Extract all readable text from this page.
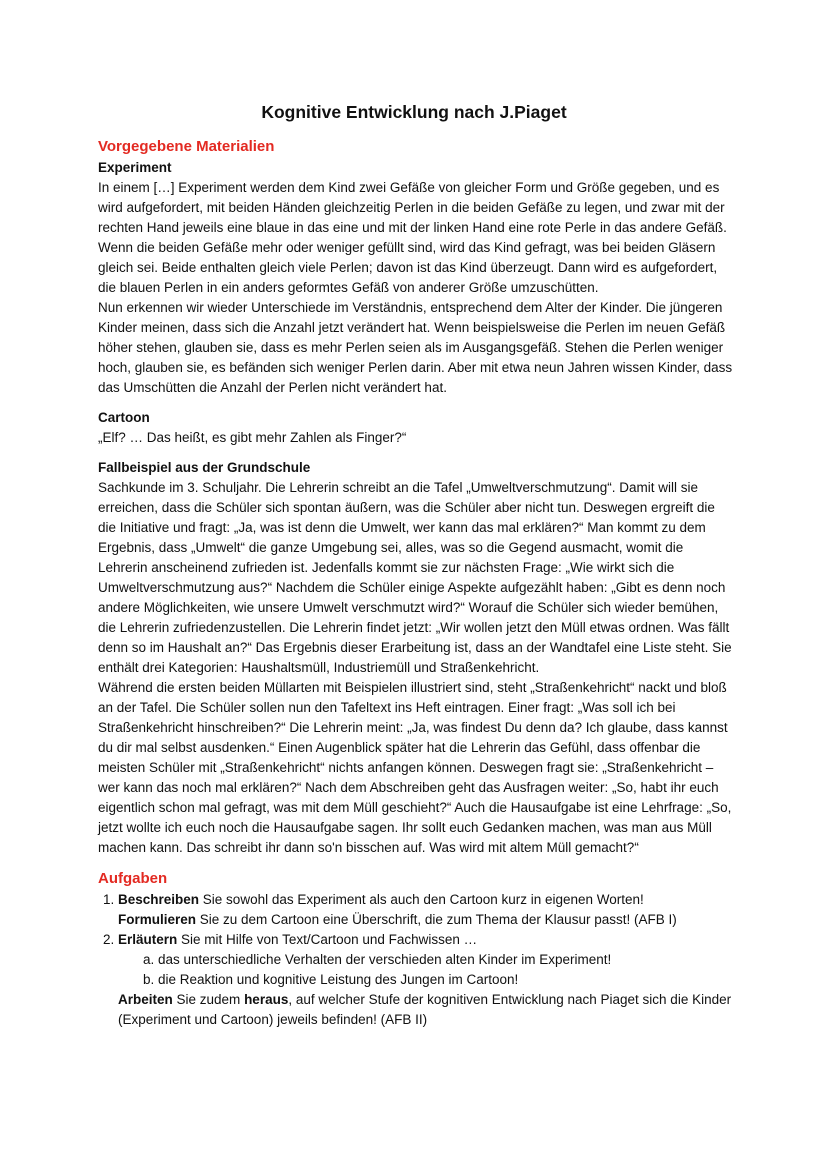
Kognitive Entwicklung nach J.Piaget
Vorgegebene Materialien
Experiment

In einem […] Experiment werden dem Kind zwei Gefäße von gleicher Form und Größe gegeben, und es wird aufgefordert, mit beiden Händen gleichzeitig Perlen in die beiden Gefäße zu legen, und zwar mit der rechten Hand jeweils eine blaue in das eine und mit der linken Hand eine rote Perle in das andere Gefäß. Wenn die beiden Gefäße mehr oder weniger gefüllt sind, wird das Kind gefragt, was bei beiden Gläsern gleich sei. Beide enthalten gleich viele Perlen; davon ist das Kind überzeugt. Dann wird es aufgefordert, die blauen Perlen in ein anders geformtes Gefäß von anderer Größe umzuschütten.

Nun erkennen wir wieder Unterschiede im Verständnis, entsprechend dem Alter der Kinder. Die jüngeren Kinder meinen, dass sich die Anzahl jetzt verändert hat. Wenn beispielsweise die Perlen im neuen Gefäß höher stehen, glauben sie, dass es mehr Perlen seien als im Ausgangsgefäß. Stehen die Perlen weniger hoch, glauben sie, es befänden sich weniger Perlen darin. Aber mit etwa neun Jahren wissen Kinder, dass das Umschütten die Anzahl der Perlen nicht verändert hat.

Cartoon

„Elf? … Das heißt, es gibt mehr Zahlen als Finger?“

Fallbeispiel aus der Grundschule

Sachkunde im 3. Schuljahr. Die Lehrerin schreibt an die Tafel „Umweltverschmutzung“. Damit will sie erreichen, dass die Schüler sich spontan äußern, was die Schüler aber nicht tun. Deswegen ergreift die die Initiative und fragt: „Ja, was ist denn die Umwelt, wer kann das mal erklären?“ Man kommt zu dem Ergebnis, dass „Umwelt“ die ganze Umgebung sei, alles, was so die Gegend ausmacht, womit die Lehrerin anscheinend zufrieden ist. Jedenfalls kommt sie zur nächsten Frage: „Wie wirkt sich die Umweltverschmutzung aus?“ Nachdem die Schüler einige Aspekte aufgezählt haben: „Gibt es denn noch andere Möglichkeiten, wie unsere Umwelt verschmutzt wird?“ Worauf die Schüler sich wieder bemühen, die Lehrerin zufriedenzustellen. Die Lehrerin findet jetzt: „Wir wollen jetzt den Müll etwas ordnen. Was fällt denn so im Haushalt an?“ Das Ergebnis dieser Erarbeitung ist, dass an der Wandtafel eine Liste steht. Sie enthält drei Kategorien: Haushaltsmüll, Industriemüll und Straßenkehricht.

Während die ersten beiden Müllarten mit Beispielen illustriert sind, steht „Straßenkehricht“ nackt und bloß an der Tafel. Die Schüler sollen nun den Tafeltext ins Heft eintragen. Einer fragt: „Was soll ich bei Straßenkehricht hinschreiben?“ Die Lehrerin meint: „Ja, was findest Du denn da? Ich glaube, dass kannst du dir mal selbst ausdenken.“ Einen Augenblick später hat die Lehrerin das Gefühl, dass offenbar die meisten Schüler mit „Straßenkehricht“ nichts anfangen können. Deswegen fragt sie: „Straßenkehricht – wer kann das noch mal erklären?“ Nach dem Abschreiben geht das Ausfragen weiter: „So, habt ihr euch eigentlich schon mal gefragt, was mit dem Müll geschieht?“ Auch die Hausaufgabe ist eine Lehrfrage: „So, jetzt wollte ich euch noch die Hausaufgabe sagen. Ihr sollt euch Gedanken machen, was man aus Müll machen kann. Das schreibt ihr dann so'n bisschen auf. Was wird mit altem Müll gemacht?“

Aufgaben
1. Beschreiben Sie sowohl das Experiment als auch den Cartoon kurz in eigenen Worten!
Formulieren Sie zu dem Cartoon eine Überschrift, die zum Thema der Klausur passt! (AFB I)
2. Erläutern Sie mit Hilfe von Text/Cartoon und Fachwissen …
a. das unterschiedliche Verhalten der verschieden alten Kinder im Experiment!
b. die Reaktion und kognitive Leistung des Jungen im Cartoon!
Arbeiten Sie zudem heraus, auf welcher Stufe der kognitiven Entwicklung nach Piaget sich die Kinder (Experiment und Cartoon) jeweils befinden! (AFB II)
